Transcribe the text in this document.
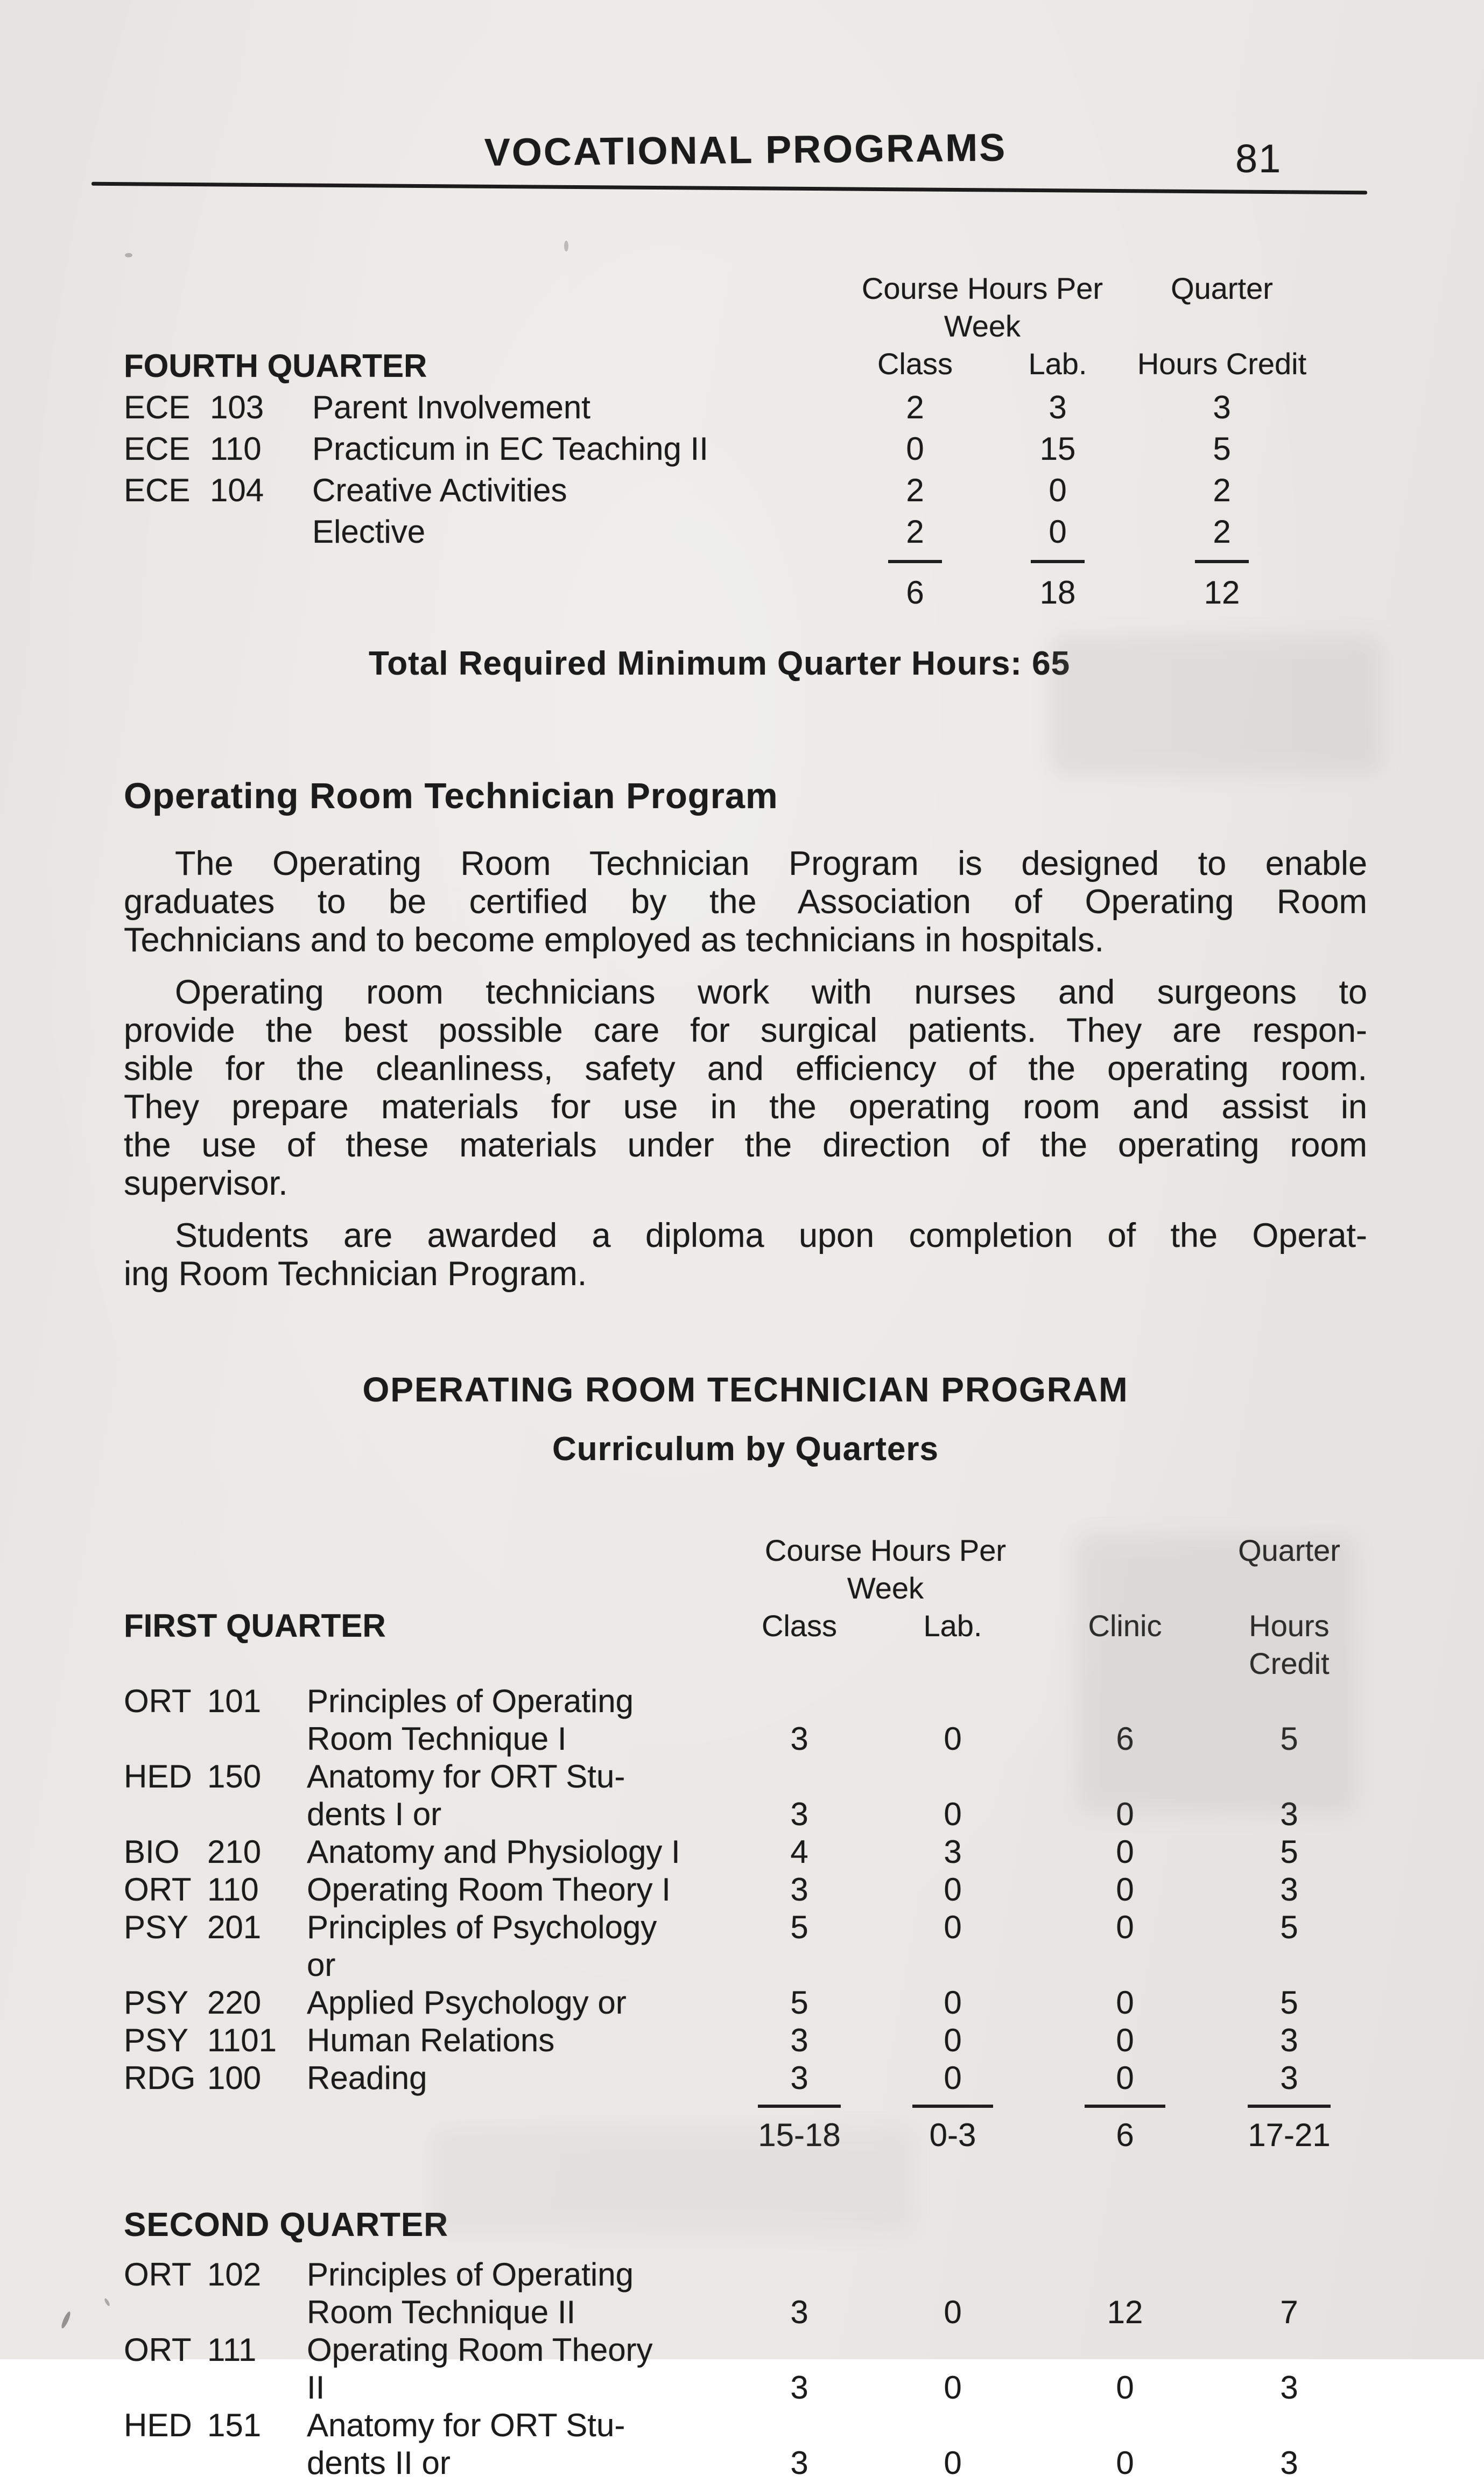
81
VOCATIONAL PROGRAMS
Course Hours Per Week
Quarter
FOURTH QUARTER	Class	Lab.	Hours Credit
ECE 103	Parent Involvement	2	3	3
ECE 110	Practicum in EC Teaching II	0	15	5
ECE 104	Creative Activities	2	0	2
Elective	2	0	2
6	18	12
Total Required Minimum Quarter Hours: 65
Operating Room Technician Program
The Operating Room Technician Program is designed to enable
graduates to be certified by the Association of Operating Room
Technicians and to become employed as technicians in hospitals.
Operating room technicians work with nurses and surgeons to
provide the best possible care for surgical patients. They are respon-
sible for the cleanliness, safety and efficiency of the operating room.
They prepare materials for use in the operating room and assist in
the use of these materials under the direction of the operating room
supervisor.
Students are awarded a diploma upon completion of the Operat-
ing Room Technician Program.
OPERATING ROOM TECHNICIAN PROGRAM
Curriculum by Quarters
Course Hours Per Week
Quarter
FIRST QUARTER	Class	Lab.	Clinic	Hours Credit
ORT 101	Principles of Operating
Room Technique I	3	0	6	5
HED 150	Anatomy for ORT Stu-
dents I or	3	0	0	3
BIO 210	Anatomy and Physiology I	4	3	0	5
ORT 110	Operating Room Theory I	3	0	0	3
PSY 201	Principles of Psychology	5	0	0	5
or
PSY 220	Applied Psychology or	5	0	0	5
PSY 1101 Human Relations	3	0	0	3
RDG 100	Reading	3	0	0	3
15-18	0-3	6	17-21
SECOND QUARTER
ORT 102	Principles of Operating
Room Technique II	3	0	12	7
ORT 111	Operating Room Theory
II	3	0	0	3
HED 151	Anatomy for ORT Stu-
dents II or	3	0	0	3
